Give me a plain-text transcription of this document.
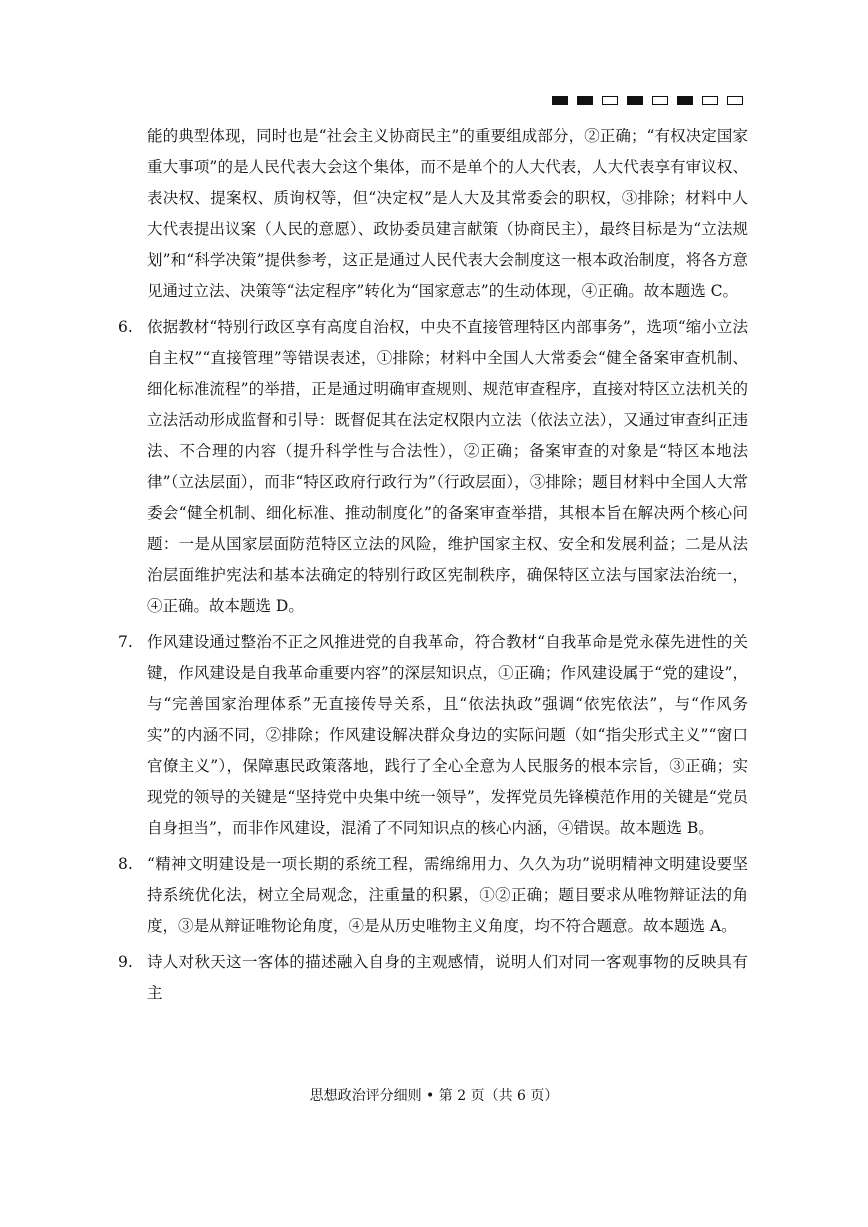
能的典型体现，同时也是“社会主义协商民主”的重要组成部分，②正确；“有权决定国家重大事项”的是人民代表大会这个集体，而不是单个的人大代表，人大代表享有审议权、表决权、提案权、质询权等，但“决定权”是人大及其常委会的职权，③排除；材料中人大代表提出议案（人民的意愿）、政协委员建言献策（协商民主），最终目标是为“立法规划”和“科学决策”提供参考，这正是通过人民代表大会制度这一根本政治制度，将各方意见通过立法、决策等“法定程序”转化为“国家意志”的生动体现，④正确。故本题选 C。

6. 依据教材“特别行政区享有高度自治权，中央不直接管理特区内部事务”，选项“缩小立法自主权”“直接管理”等错误表述，①排除；材料中全国人大常委会“健全备案审查机制、细化标准流程”的举措，正是通过明确审查规则、规范审查程序，直接对特区立法机关的立法活动形成监督和引导：既督促其在法定权限内立法（依法立法），又通过审查纠正违法、不合理的内容（提升科学性与合法性），②正确；备案审查的对象是“特区本地法律”（立法层面），而非“特区政府行政行为”（行政层面），③排除；题目材料中全国人大常委会“健全机制、细化标准、推动制度化”的备案审查举措，其根本旨在解决两个核心问题：一是从国家层面防范特区立法的风险，维护国家主权、安全和发展利益；二是从法治层面维护宪法和基本法确定的特别行政区宪制秩序，确保特区立法与国家法治统一，④正确。故本题选 D。

7. 作风建设通过整治不正之风推进党的自我革命，符合教材“自我革命是党永葆先进性的关键，作风建设是自我革命重要内容”的深层知识点，①正确；作风建设属于“党的建设”，与“完善国家治理体系”无直接传导关系，且“依法执政”强调“依宪依法”，与“作风务实”的内涵不同，②排除；作风建设解决群众身边的实际问题（如“指尖形式主义”“窗口官僚主义”），保障惠民政策落地，践行了全心全意为人民服务的根本宗旨，③正确；实现党的领导的关键是“坚持党中央集中统一领导”，发挥党员先锋模范作用的关键是“党员自身担当”，而非作风建设，混淆了不同知识点的核心内涵，④错误。故本题选 B。

8. “精神文明建设是一项长期的系统工程，需绵绵用力、久久为功”说明精神文明建设要坚持系统优化法，树立全局观念，注重量的积累，①②正确；题目要求从唯物辩证法的角度，③是从辩证唯物论角度，④是从历史唯物主义角度，均不符合题意。故本题选 A。

9. 诗人对秋天这一客体的描述融入自身的主观感情，说明人们对同一客观事物的反映具有主

思想政治评分细则 • 第 2 页（共 6 页）
